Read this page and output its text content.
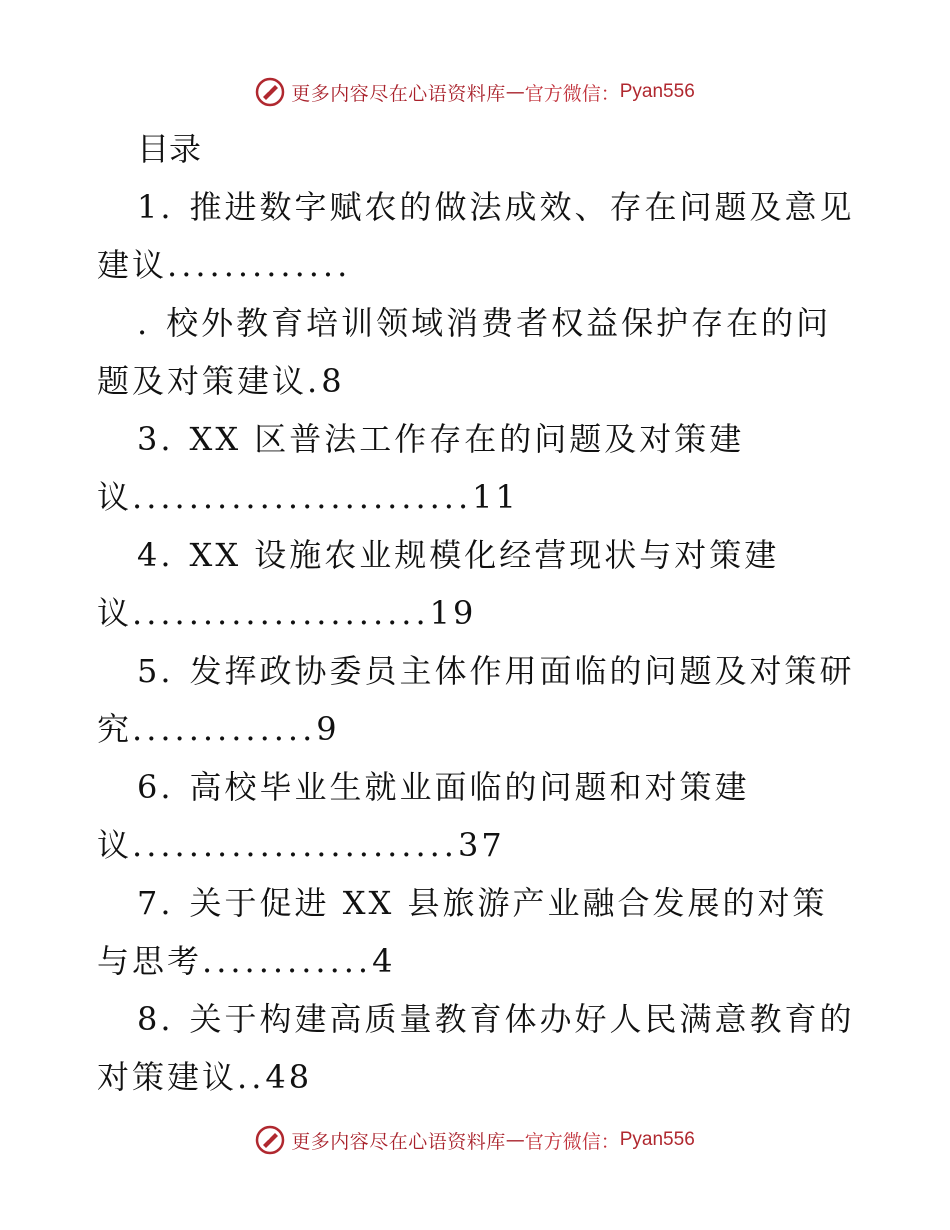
更多内容尽在心语资料库 — 官方微信： Pyan556
目录
1. 推进数字赋农的做法成效、存在问题及意见建议.............
. 校外教育培训领域消费者权益保护存在的问题及对策建议.8
3. XX 区普法工作存在的问题及对策建议........................11
4. XX 设施农业规模化经营现状与对策建议.....................19
5. 发挥政协委员主体作用面临的问题及对策研究.............9
6. 高校毕业生就业面临的问题和对策建议.......................37
7. 关于促进 XX 县旅游产业融合发展的对策与思考............4
8. 关于构建高质量教育体办好人民满意教育的对策建议..48
更多内容尽在心语资料库 — 官方微信： Pyan556
